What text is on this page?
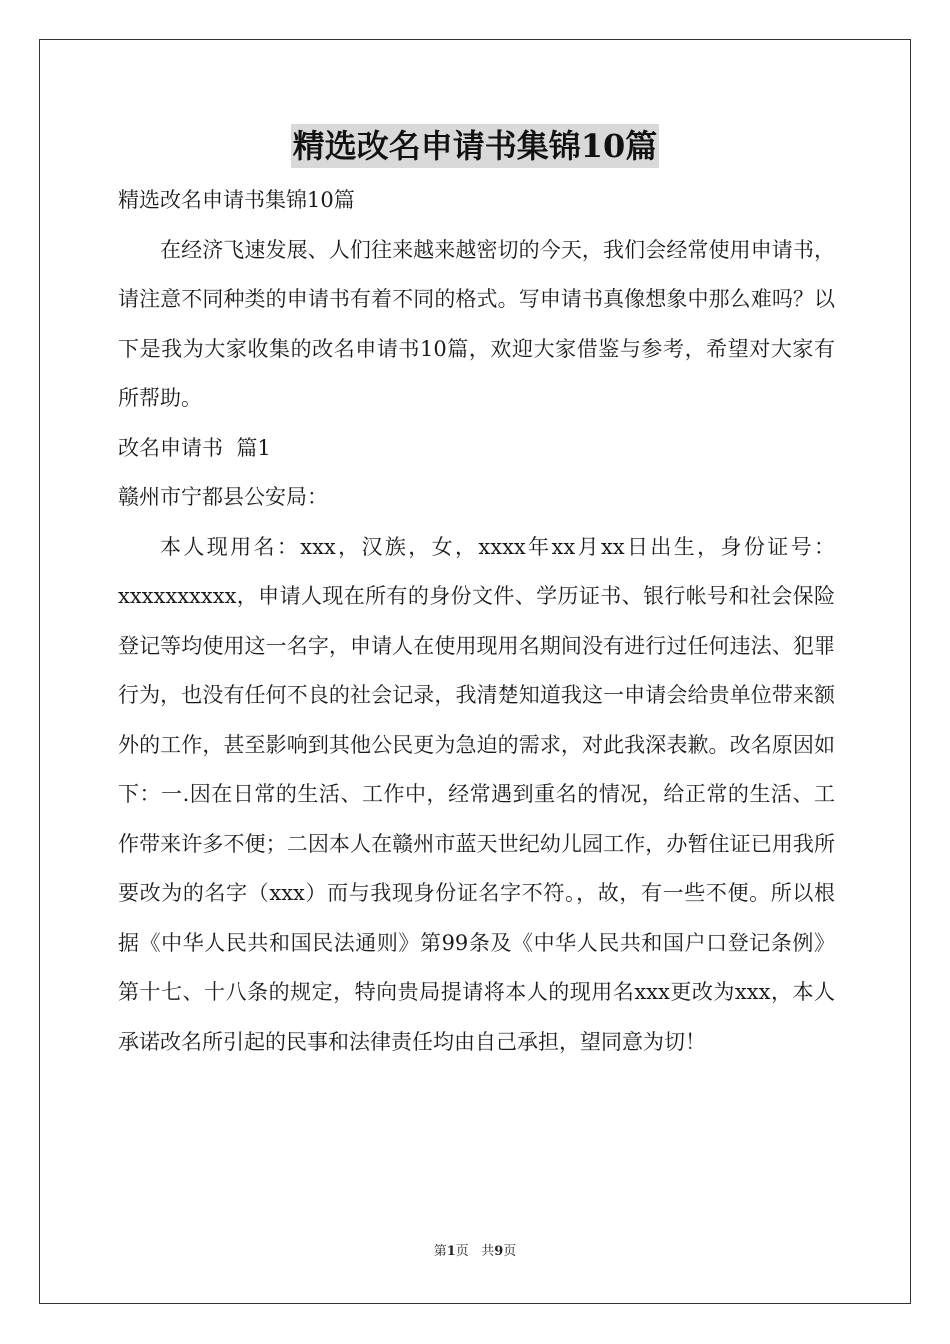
精选改名申请书集锦10篇

精选改名申请书集锦10篇

在经济飞速发展、人们往来越来越密切的今天，我们会经常使用申请书，请注意不同种类的申请书有着不同的格式。写申请书真像想象中那么难吗？以下是我为大家收集的改名申请书10篇，欢迎大家借鉴与参考，希望对大家有所帮助。

改名申请书  篇1

赣州市宁都县公安局：

本人现用名：xxx，汉族，女，xxxx年xx月xx日出生，身份证号：xxxxxxxxxx，申请人现在所有的身份文件、学历证书、银行帐号和社会保险登记等均使用这一名字，申请人在使用现用名期间没有进行过任何违法、犯罪行为，也没有任何不良的社会记录，我清楚知道我这一申请会给贵单位带来额外的工作，甚至影响到其他公民更为急迫的需求，对此我深表歉。改名原因如下：一.因在日常的生活、工作中，经常遇到重名的情况，给正常的生活、工作带来许多不便；二因本人在赣州市蓝天世纪幼儿园工作，办暂住证已用我所要改为的名字（xxx）而与我现身份证名字不符。，故，有一些不便。所以根据《中华人民共和国民法通则》第99条及《中华人民共和国户口登记条例》第十七、十八条的规定，特向贵局提请将本人的现用名xxx更改为xxx，本人承诺改名所引起的民事和法律责任均由自己承担，望同意为切！

第1页   共9页
